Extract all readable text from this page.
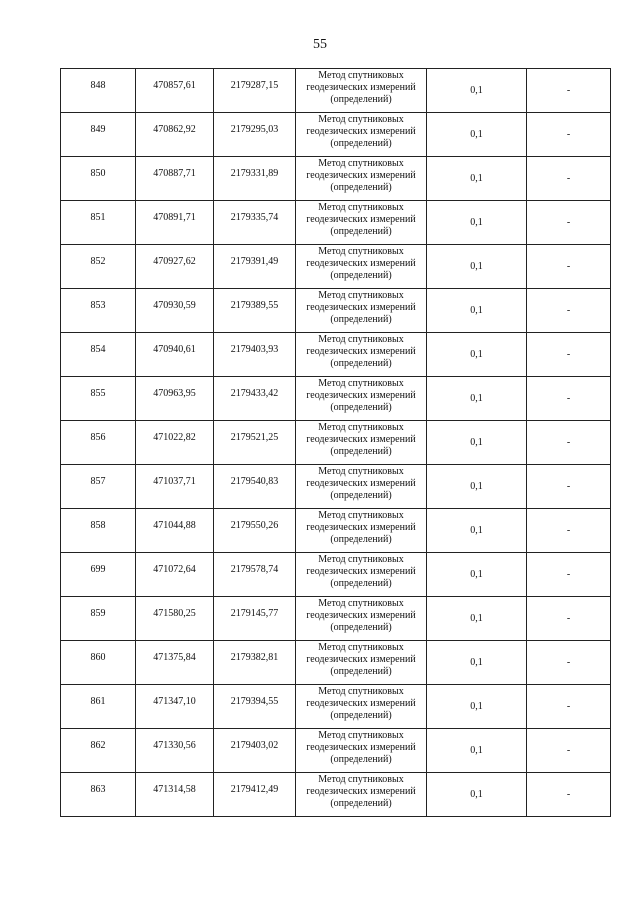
55
848	470857,61	2179287,15	Метод спутниковых
геодезических измерений
(определений)	0,1	-
849	470862,92	2179295,03	Метод спутниковых
геодезических измерений
(определений)	0,1	-
850	470887,71	2179331,89	Метод спутниковых
геодезических измерений
(определений)	0,1	-
851	470891,71	2179335,74	Метод спутниковых
геодезических измерений
(определений)	0,1	-
852	470927,62	2179391,49	Метод спутниковых
геодезических измерений
(определений)	0,1	-
853	470930,59	2179389,55	Метод спутниковых
геодезических измерений
(определений)	0,1	-
854	470940,61	2179403,93	Метод спутниковых
геодезических измерений
(определений)	0,1	-
855	470963,95	2179433,42	Метод спутниковых
геодезических измерений
(определений)	0,1	-
856	471022,82	2179521,25	Метод спутниковых
геодезических измерений
(определений)	0,1	-
857	471037,71	2179540,83	Метод спутниковых
геодезических измерений
(определений)	0,1	-
858	471044,88	2179550,26	Метод спутниковых
геодезических измерений
(определений)	0,1	-
699	471072,64	2179578,74	Метод спутниковых
геодезических измерений
(определений)	0,1	-
859	471580,25	2179145,77	Метод спутниковых
геодезических измерений
(определений)	0,1	-
860	471375,84	2179382,81	Метод спутниковых
геодезических измерений
(определений)	0,1	-
861	471347,10	2179394,55	Метод спутниковых
геодезических измерений
(определений)	0,1	-
862	471330,56	2179403,02	Метод спутниковых
геодезических измерений
(определений)	0,1	-
863	471314,58	2179412,49	Метод спутниковых
геодезических измерений
(определений)	0,1	-
